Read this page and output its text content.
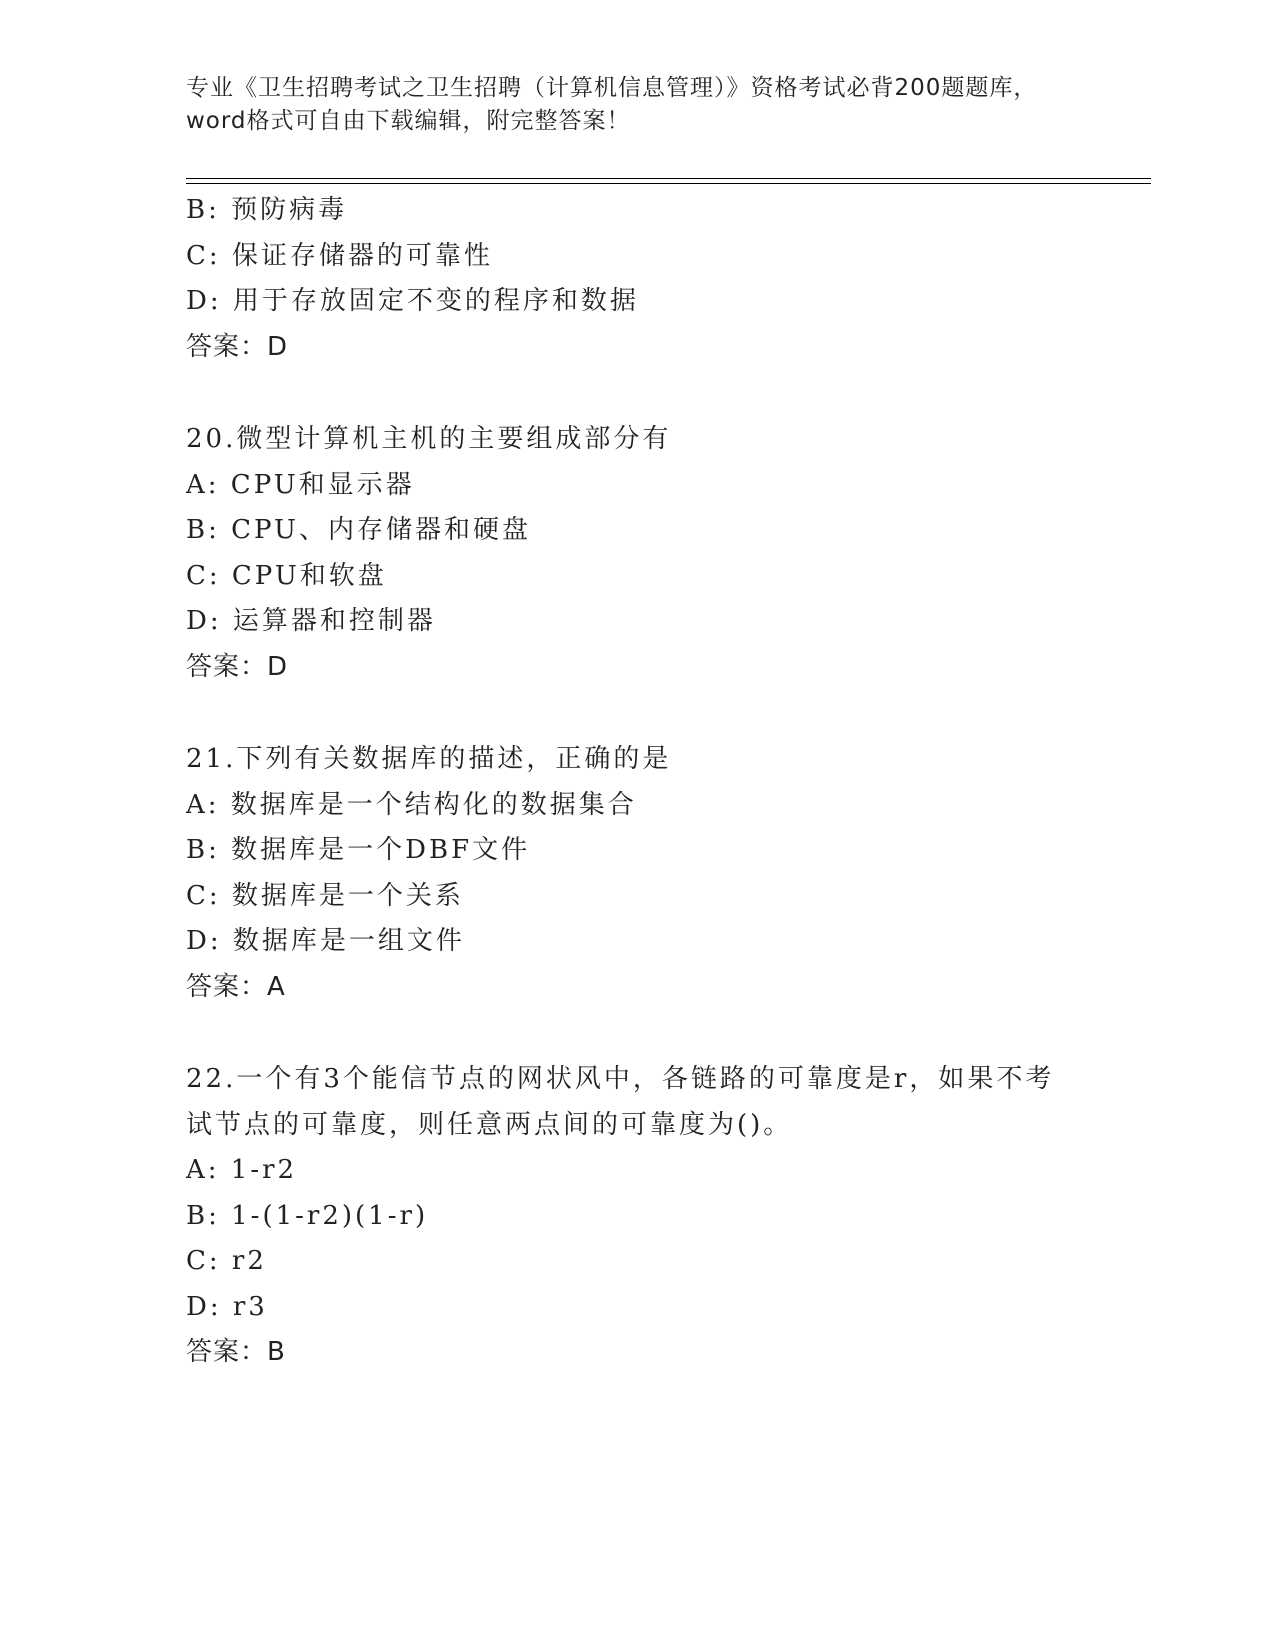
专业《卫生招聘考试之卫生招聘（计算机信息管理）》资格考试必背200题题库，
word格式可自由下载编辑，附完整答案！
B: 预防病毒
C: 保证存储器的可靠性
D: 用于存放固定不变的程序和数据
答案：D
20.微型计算机主机的主要组成部分有
A: CPU和显示器
B: CPU、内存储器和硬盘
C: CPU和软盘
D: 运算器和控制器
答案：D
21.下列有关数据库的描述，正确的是
A: 数据库是一个结构化的数据集合
B: 数据库是一个DBF文件
C: 数据库是一个关系
D: 数据库是一组文件
答案：A
22.一个有3个能信节点的网状风中，各链路的可靠度是r，如果不考
试节点的可靠度，则任意两点间的可靠度为()。
A: 1-r2
B: 1-(1-r2)(1-r)
C: r2
D: r3
答案：B
